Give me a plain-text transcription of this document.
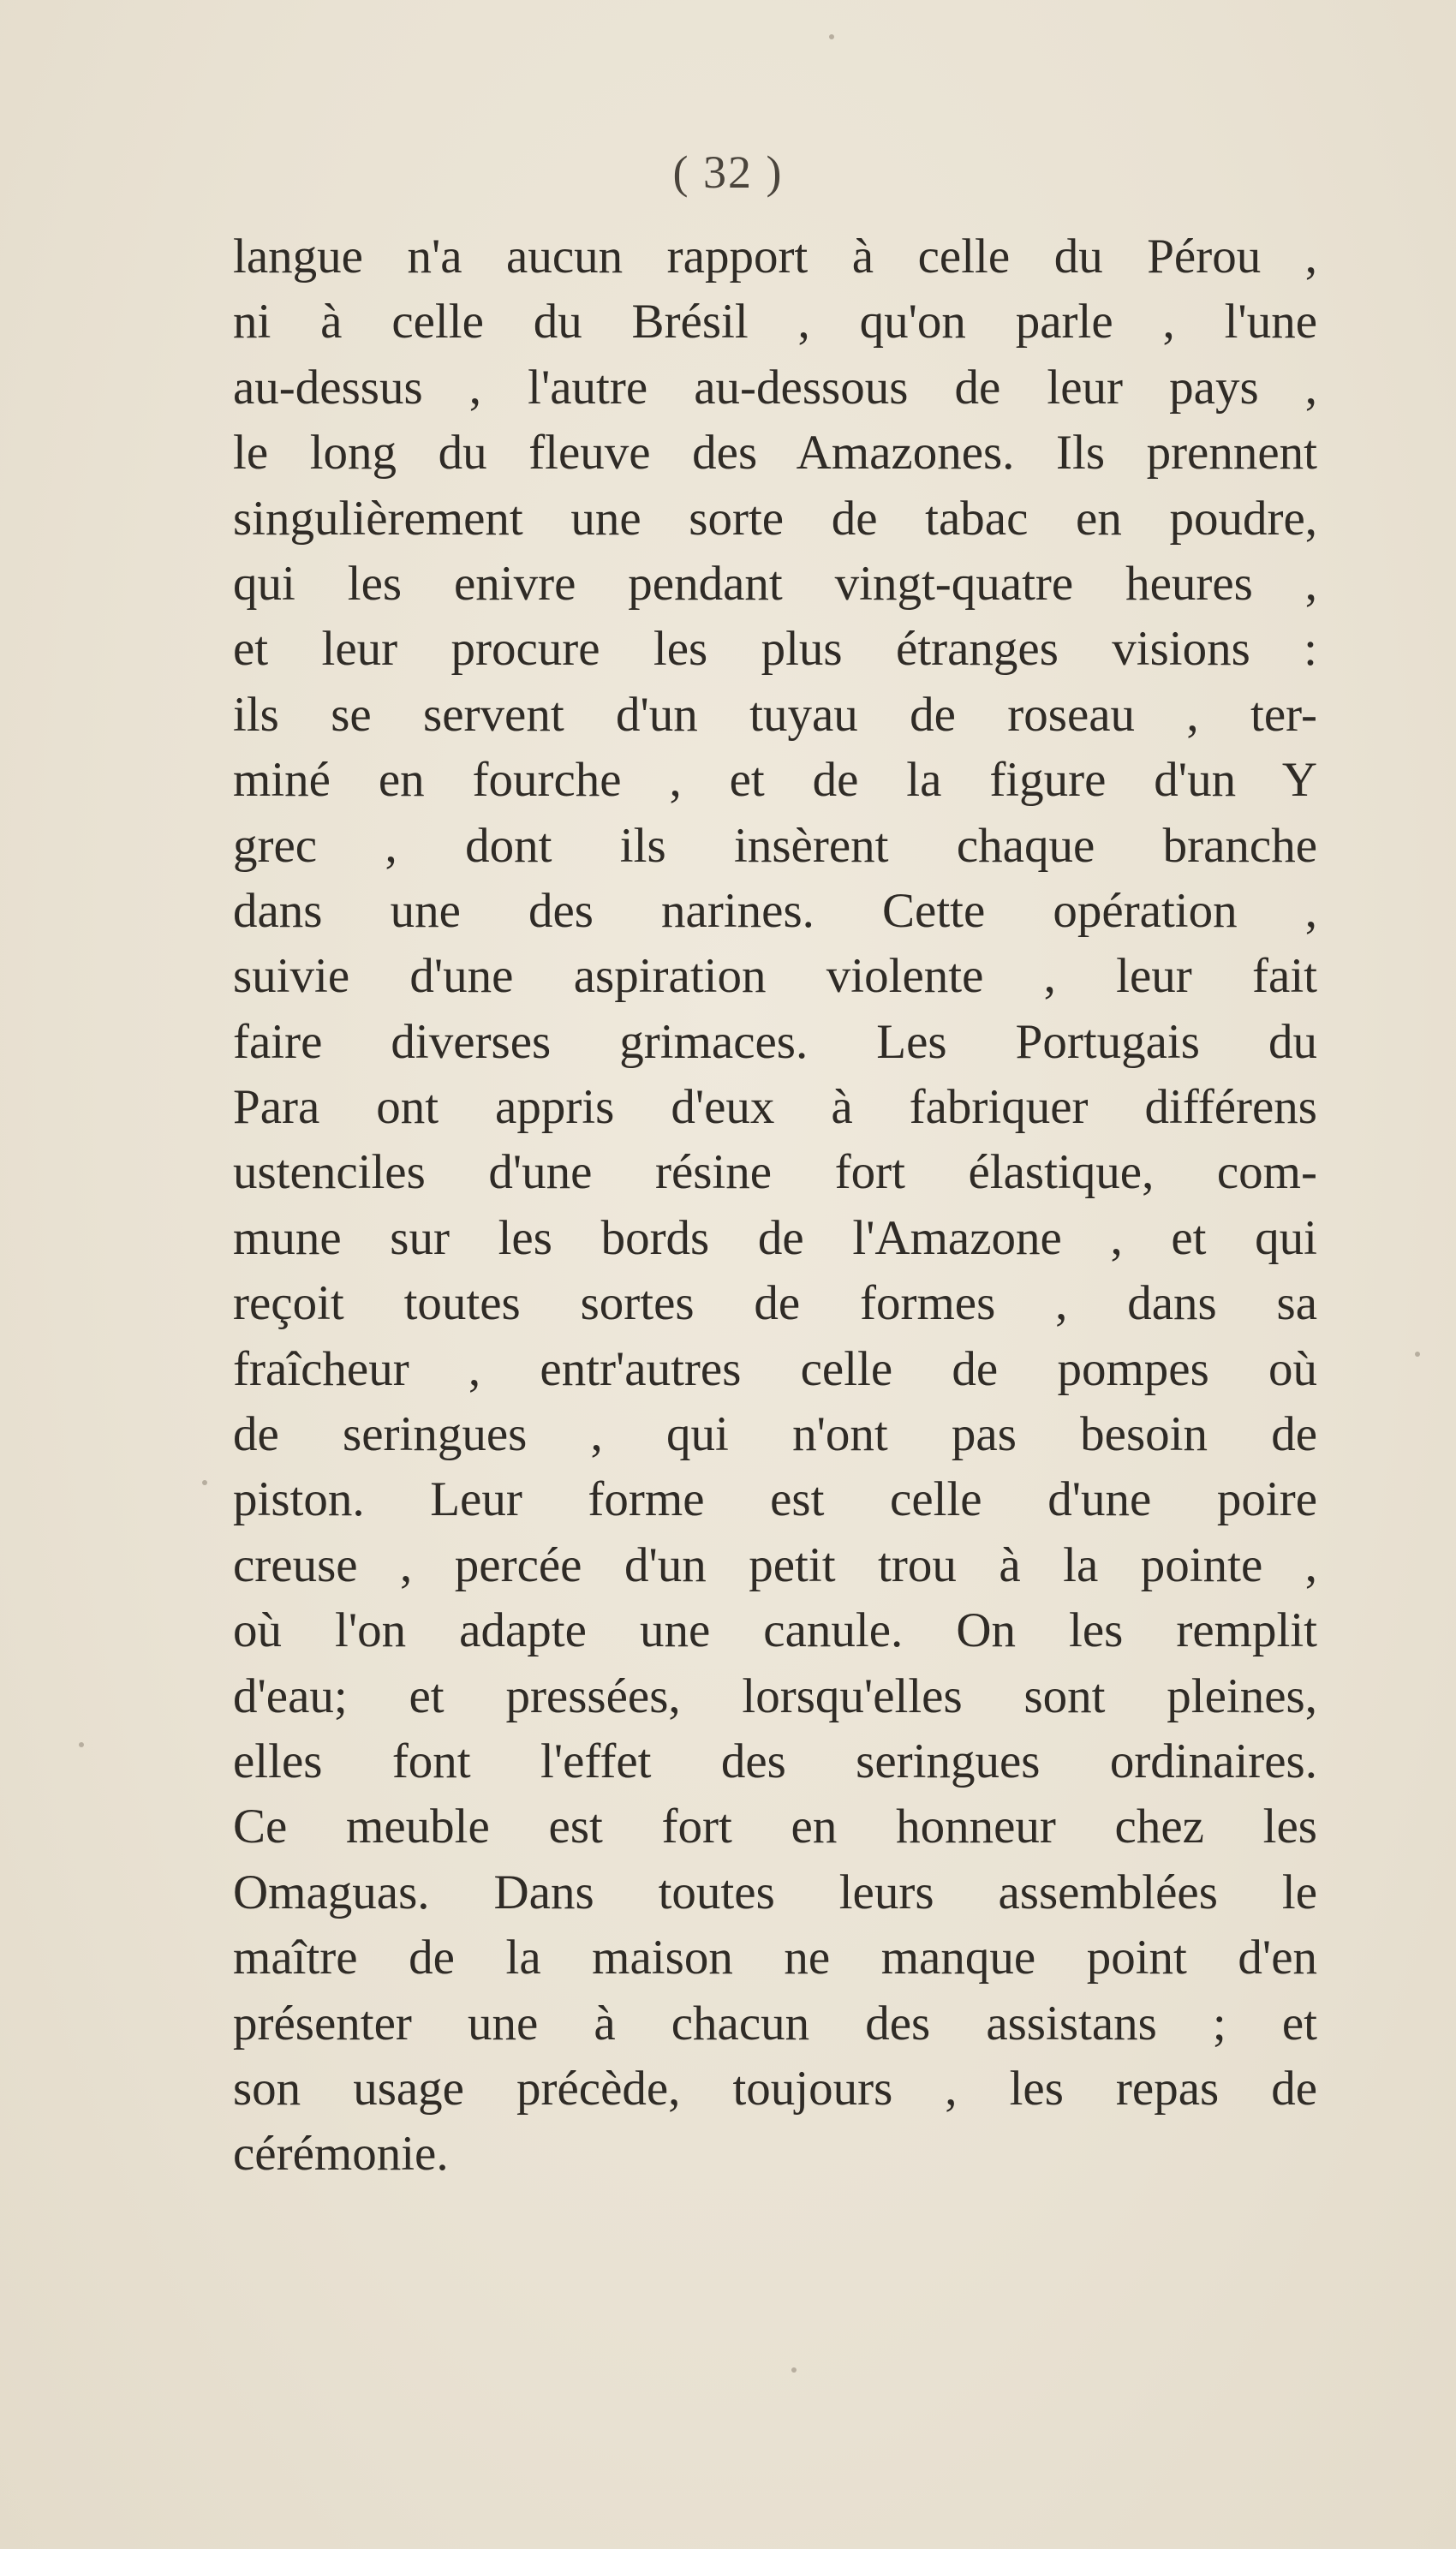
( 32 )
langue n'a aucun rapport à celle du Pérou ,
ni à celle du Brésil , qu'on parle , l'une
au-dessus , l'autre au-dessous de leur pays ,
le long du fleuve des Amazones. Ils prennent
singulièrement une sorte de tabac en poudre,
qui les enivre pendant vingt-quatre heures ,
et leur procure les plus étranges visions :
ils se servent d'un tuyau de roseau , ter-
miné en fourche , et de la figure d'un Y
grec , dont ils insèrent chaque branche
dans une des narines. Cette opération ,
suivie d'une aspiration violente , leur fait
faire diverses grimaces. Les Portugais du
Para ont appris d'eux à fabriquer différens
ustenciles d'une résine fort élastique, com-
mune sur les bords de l'Amazone , et qui
reçoit toutes sortes de formes , dans sa
fraîcheur , entr'autres celle de pompes où
de seringues , qui n'ont pas besoin de
piston. Leur forme est celle d'une poire
creuse , percée d'un petit trou à la pointe ,
où l'on adapte une canule. On les remplit
d'eau; et pressées, lorsqu'elles sont pleines,
elles font l'effet des seringues ordinaires.
Ce meuble est fort en honneur chez les
Omaguas. Dans toutes leurs assemblées le
maître de la maison ne manque point d'en
présenter une à chacun des assistans ; et
son usage précède, toujours , les repas de
cérémonie.
